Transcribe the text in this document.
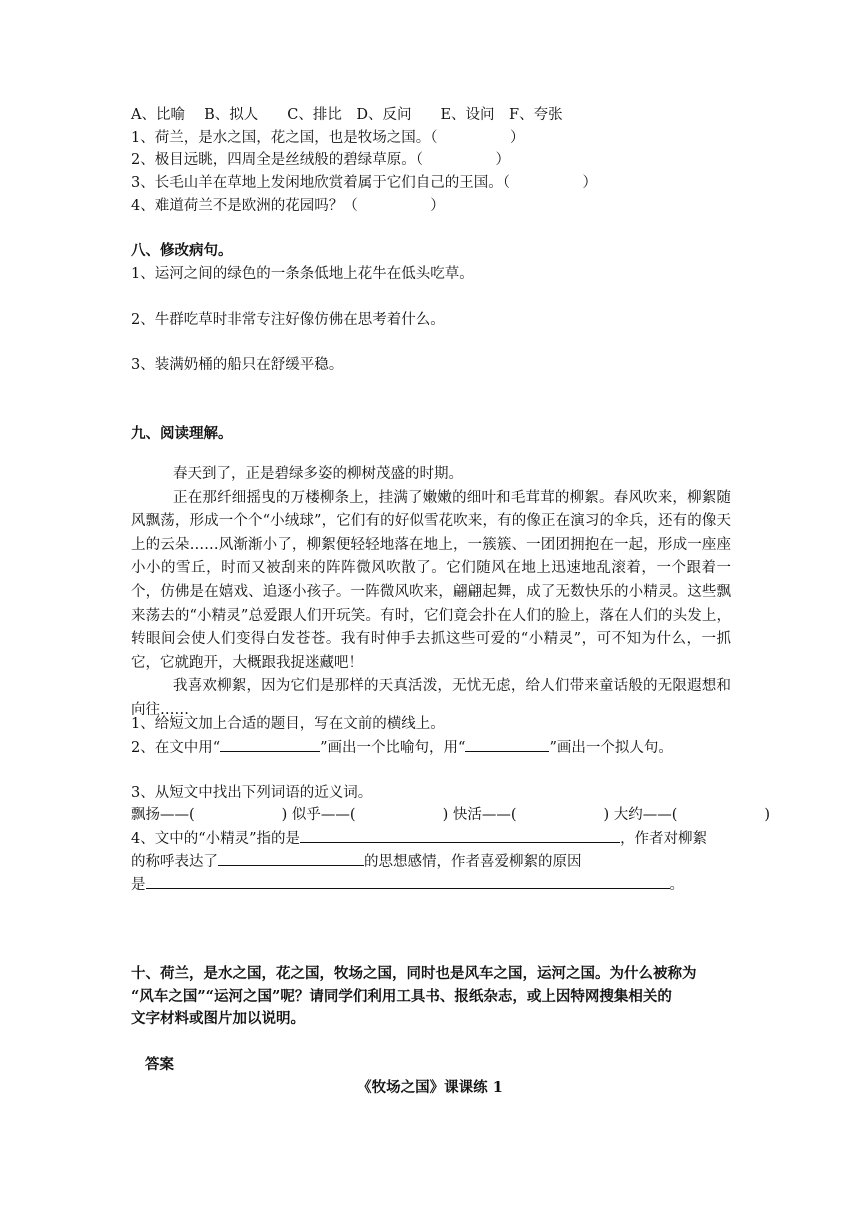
A、比喻　 B、拟人　　C、排比　D、反问　　E、设问　F、夸张
1、荷兰，是水之国，花之国，也是牧场之国。（　　　　　）
2、极目远眺，四周全是丝绒般的碧绿草原。（　　　　　）
3、长毛山羊在草地上发闲地欣赏着属于它们自己的王国。（　　　　　）
4、难道荷兰不是欧洲的花园吗？（　　　　　）
八、修改病句。
1、运河之间的绿色的一条条低地上花牛在低头吃草。
2、牛群吃草时非常专注好像仿佛在思考着什么。
3、装满奶桶的船只在舒缓平稳。
九、阅读理解。

春天到了，正是碧绿多姿的柳树茂盛的时期。

正在那纤细摇曳的万楼柳条上，挂满了嫩嫩的细叶和毛茸茸的柳絮。春风吹来，柳絮随风飘荡，形成一个个“小绒球”，它们有的好似雪花吹来，有的像正在演习的伞兵，还有的像天上的云朵……风渐渐小了，柳絮便轻轻地落在地上，一簇簇、一团团拥抱在一起，形成一座座小小的雪丘，时而又被刮来的阵阵微风吹散了。它们随风在地上迅速地乱滚着，一个跟着一个，仿佛是在嬉戏、追逐小孩子。一阵微风吹来，翩翩起舞，成了无数快乐的小精灵。这些飘来荡去的“小精灵”总爱跟人们开玩笑。有时，它们竟会扑在人们的脸上，落在人们的头发上，转眼间会使人们变得白发苍苍。我有时伸手去抓这些可爱的“小精灵”，可不知为什么，一抓它，它就跑开，大概跟我捉迷藏吧！

我喜欢柳絮，因为它们是那样的天真活泼，无忧无虑，给人们带来童话般的无限遐想和向往……

1、给短文加上合适的题目，写在文前的横线上。
2、在文中用“	”画出一个比喻句，用“	”画出一个拟人句。
3、从短文中找出下列词语的近义词。
飘扬——(　　　　　　) 似乎——(　　　　　　) 快活——(　　　　　　) 大约——(　　　　　　)
4、文中的“小精灵”指的是	，作者对柳絮
的称呼表达了	的思想感情，作者喜爱柳絮的原因
是	。
十、荷兰，是水之国，花之国，牧场之国，同时也是风车之国，运河之国。为什么被称为
“风车之国”“运河之国”呢？请同学们利用工具书、报纸杂志，或上因特网搜集相关的
文字材料或图片加以说明。
答案
《牧场之国》课课练 1
